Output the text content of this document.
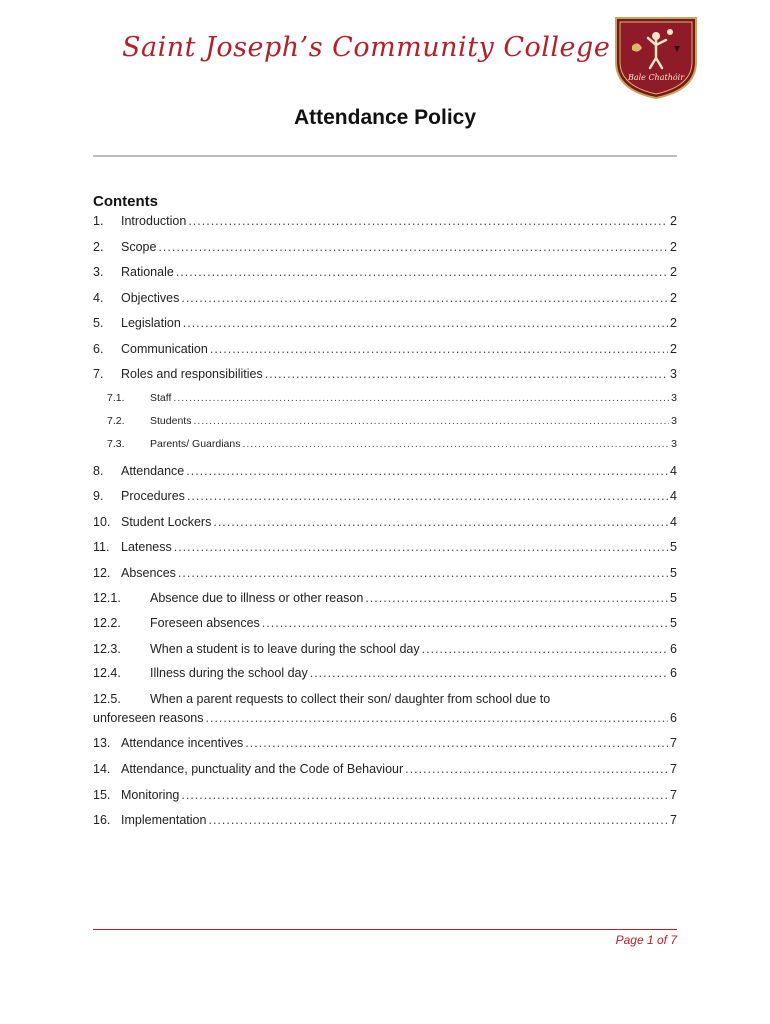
Saint Joseph’s Community College
Bale Chathóir
Attendance Policy
Contents
1.	Introduction .....	2
2.	Scope .....	2
3.	Rationale .....	2
4.	Objectives .....	2
5.	Legislation .....	2
6.	Communication .....	2
7.	Roles and responsibilities .....	3
7.1.	Staff .....	3
7.2.	Students .....	3
7.3.	Parents/ Guardians .....	3
8.	Attendance .....	4
9.	Procedures .....	4
10. Student Lockers .....	4
11. Lateness .....	5
12. Absences .....	5
12.1.	Absence due to illness or other reason .....	5
12.2.	Foreseen absences .....	5
12.3.	When a student is to leave during the school day .....	6
12.4.	Illness during the school day .....	6
12.5.	When a parent requests to collect their son/ daughter from school due to
unforeseen reasons .....	6
13. Attendance incentives .....	7
14. Attendance, punctuality and the Code of Behaviour .....	7
15. Monitoring .....	7
16. Implementation .....	7
Page 1 of 7
